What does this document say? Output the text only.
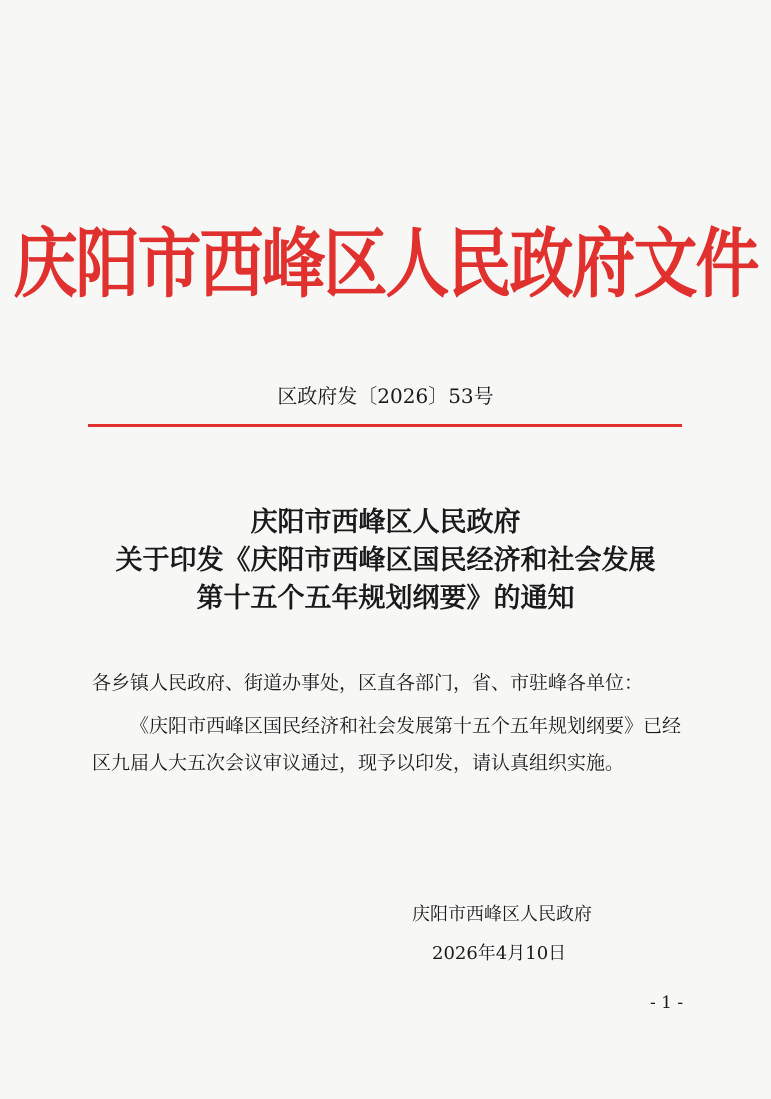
庆阳市西峰区人民政府文件
区政府发〔2026〕53号
庆阳市西峰区人民政府
关于印发《庆阳市西峰区国民经济和社会发展
第十五个五年规划纲要》的通知
各乡镇人民政府、街道办事处，区直各部门，省、市驻峰各单位：

《庆阳市西峰区国民经济和社会发展第十五个五年规划纲要》已经区九届人大五次会议审议通过，现予以印发，请认真组织实施。

庆阳市西峰区人民政府
2026年4月10日
- 1 -
